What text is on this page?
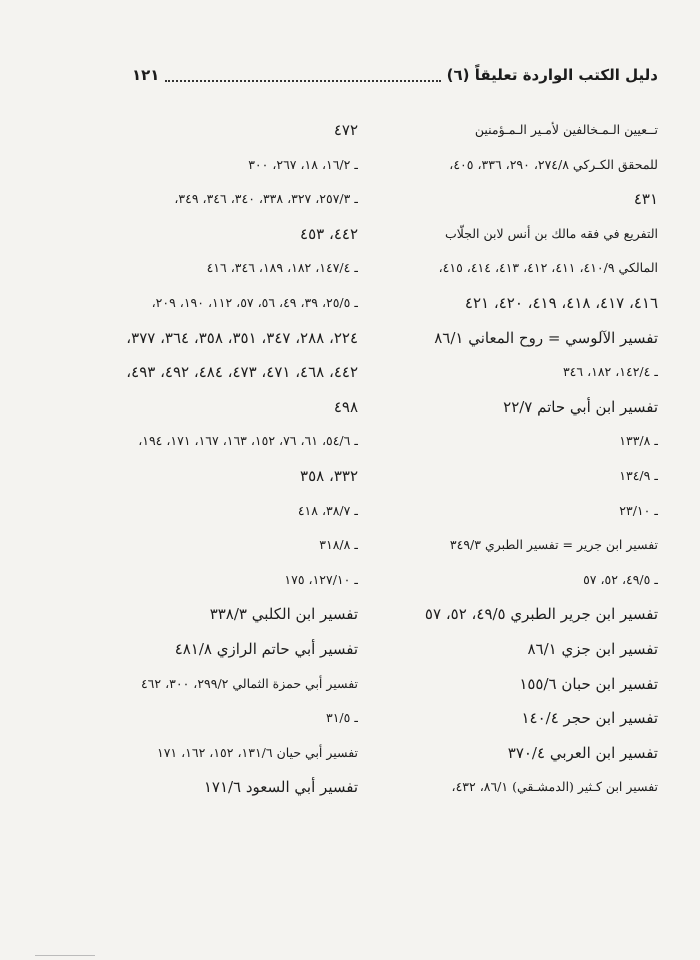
دليل الكتب الواردة تعليقاً (٦)
١٢١
تــعيين الـمـخالفين لأمـير الـمـؤمنين
للمحقق الكـركي ٢٧٤/٨، ٢٩٠، ٣٣٦، ٤٠٥،
٤٣١
التفريع في فقه مالك بن أنس لابن الجلّاب
المالكي ٤١٠/٩، ٤١١، ٤١٢، ٤١٣، ٤١٤، ٤١٥،
٤١٦، ٤١٧، ٤١٨، ٤١٩، ٤٢٠، ٤٢١
تفسير الآلوسي = روح المعاني ٨٦/١
ـ ١٤٢/٤، ١٨٢، ٣٤٦
تفسير ابن أبي حاتم ٢٢/٧
ـ ١٣٣/٨
ـ ١٣٤/٩
ـ ٢٣/١٠
تفسير ابن جرير = تفسير الطبري ٣٤٩/٣
ـ ٤٩/٥، ٥٢، ٥٧
تفسير ابن جرير الطبري ٤٩/٥، ٥٢، ٥٧
تفسير ابن جزي ٨٦/١
تفسير ابن حبان ١٥٥/٦
تفسير ابن حجر ١٤٠/٤
تفسير ابن العربي ٣٧٠/٤
تفسير ابن كـثير (الدمشـقي) ٨٦/١، ٤٣٢،
٤٧٢
ـ ١٦/٢، ١٨، ٢٦٧، ٣٠٠
ـ ٢٥٧/٣، ٣٢٧، ٣٣٨، ٣٤٠، ٣٤٦، ٣٤٩،
٤٤٢، ٤٥٣
ـ ١٤٧/٤، ١٨٢، ١٨٩، ٣٤٦، ٤١٦
ـ ٢٥/٥، ٣٩، ٤٩، ٥٦، ٥٧، ١١٢، ١٩٠، ٢٠٩،
٢٢٤، ٢٨٨، ٣٤٧، ٣٥١، ٣٥٨، ٣٦٤، ٣٧٧،
٤٤٢، ٤٦٨، ٤٧١، ٤٧٣، ٤٨٤، ٤٩٢، ٤٩٣،
٤٩٨
ـ ٥٤/٦، ٦١، ٧٦، ١٥٢، ١٦٣، ١٦٧، ١٧١، ١٩٤،
٣٣٢، ٣٥٨
ـ ٣٨/٧، ٤١٨
ـ ٣١٨/٨
ـ ١٢٧/١٠، ١٧٥
تفسير ابن الكلبي ٣٣٨/٣
تفسير أبي حاتم الرازي ٤٨١/٨
تفسير أبي حمزة الثمالي ٢٩٩/٢، ٣٠٠، ٤٦٢
ـ ٣١/٥
تفسير أبي حيان ١٣١/٦، ١٥٢، ١٦٢، ١٧١
تفسير أبي السعود ١٧١/٦
